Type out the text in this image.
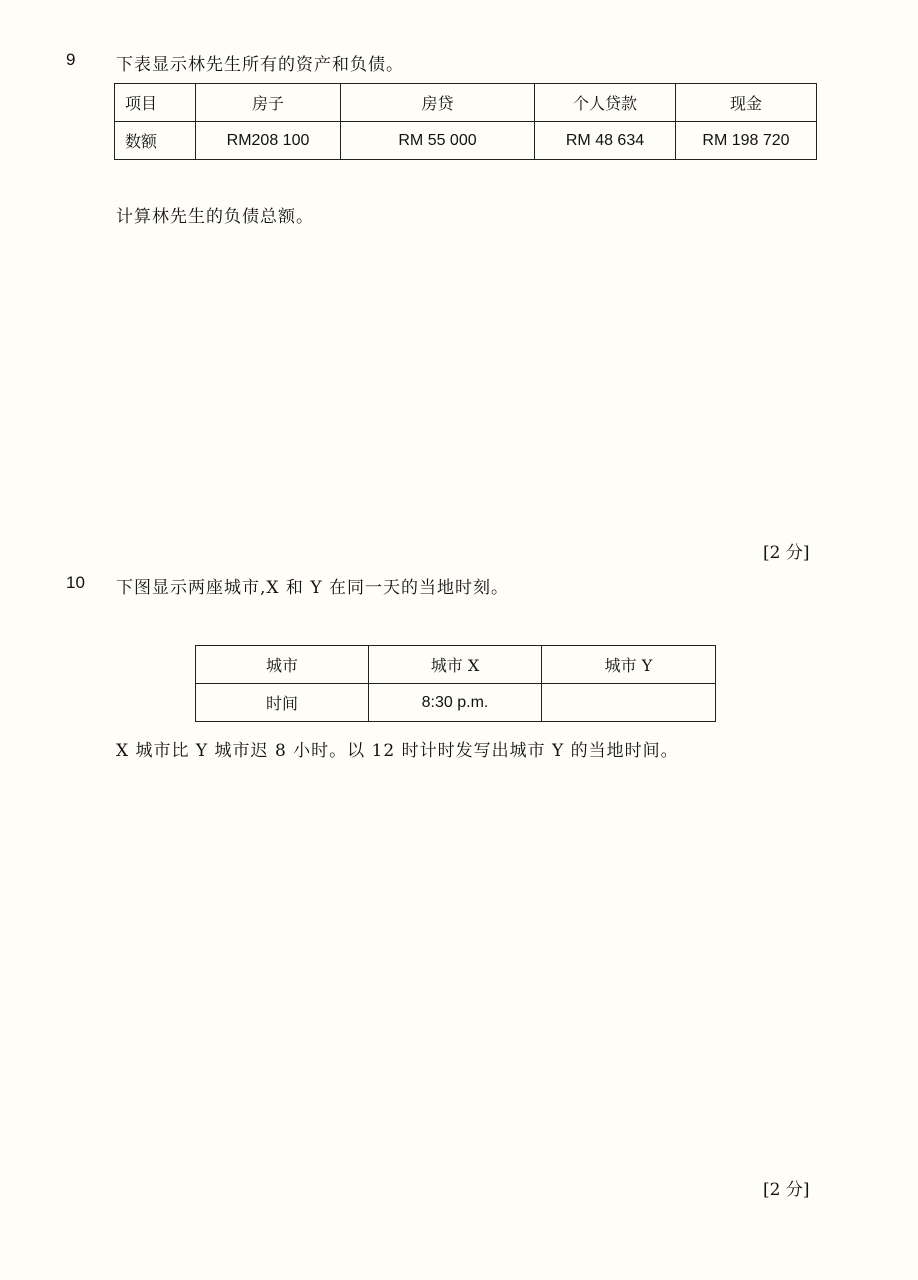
9 下表显示林先生所有的资产和负债。
项目	房子	房贷	个人贷款	现金
数额	RM208 100	RM 55 000	RM 48 634	RM 198 720
计算林先生的负债总额。
[2 分]
10 下图显示两座城市,X 和 Y 在同一天的当地时刻。
城市	城市 X	城市 Y
时间	8:30 p.m.	
X 城市比 Y 城市迟 8 小时。以 12 时计时发写出城市 Y 的当地时间。
[2 分]
